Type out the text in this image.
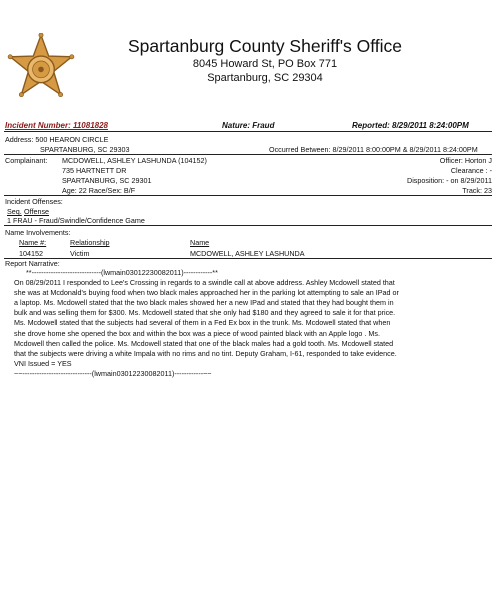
Spartanburg County Sheriff's Office
8045 Howard St, PO Box 771
Spartanburg, SC 29304
Incident Number: 11081828	Nature: Fraud	Reported: 8/29/2011 8:24:00PM
Address: 500 HEARON CIRCLE
SPARTANBURG, SC 29303	Occurred Between: 8/29/2011 8:00:00PM & 8/29/2011 8:24:00PM
Complainant: MCDOWELL, ASHLEY LASHUNDA (104152)
735 HARTNETT DR
SPARTANBURG, SC 29301
Age: 22 Race/Sex: B/F
Officer: Horton J
Clearance : -
Disposition: - on 8/29/2011
Track: 23
Incident Offenses:
Seq. Offense
1 FRAU - Fraud/Swindle/Confidence Game
Name Involvements:
Name #:	Relationship	Name
104152	Victim	MCDOWELL, ASHLEY LASHUNDA
Report Narrative:
**-----------------------------(lwmain03012230082011)------------**
On 08/29/2011 I responded to Lee's Crossing in regards to a swindle call at above address. Ashley Mcdowell stated that
she was at Mcdonald's buying food when two black males approached her in the parking lot attempting to sale an IPad or
a laptop. Ms. Mcdowell stated that the two black males showed her a new IPad and stated that they had bought them in
bulk and was selling them for $300. Ms. Mcdowell stated that she only had $180 and they agreed to sale it for that price.
Ms. Mcdowell stated that the subjects had several of them in a Fed Ex box in the trunk. Ms. Mcdowell stated that when
she drove home she opened the box and within the box was a piece of wood painted black with an Apple logo . Ms.
Mcdowell then called the police. Ms. Mcdowell stated that one of the black males had a gold tooth. Ms. Mcdowell stated
that the subjects were driving a white Impala with no rims and no tint. Deputy Graham, I-61, responded to take evidence.
VNI Issued = YES
~~-----------------------------(lwmain03012230082011)------------~~
